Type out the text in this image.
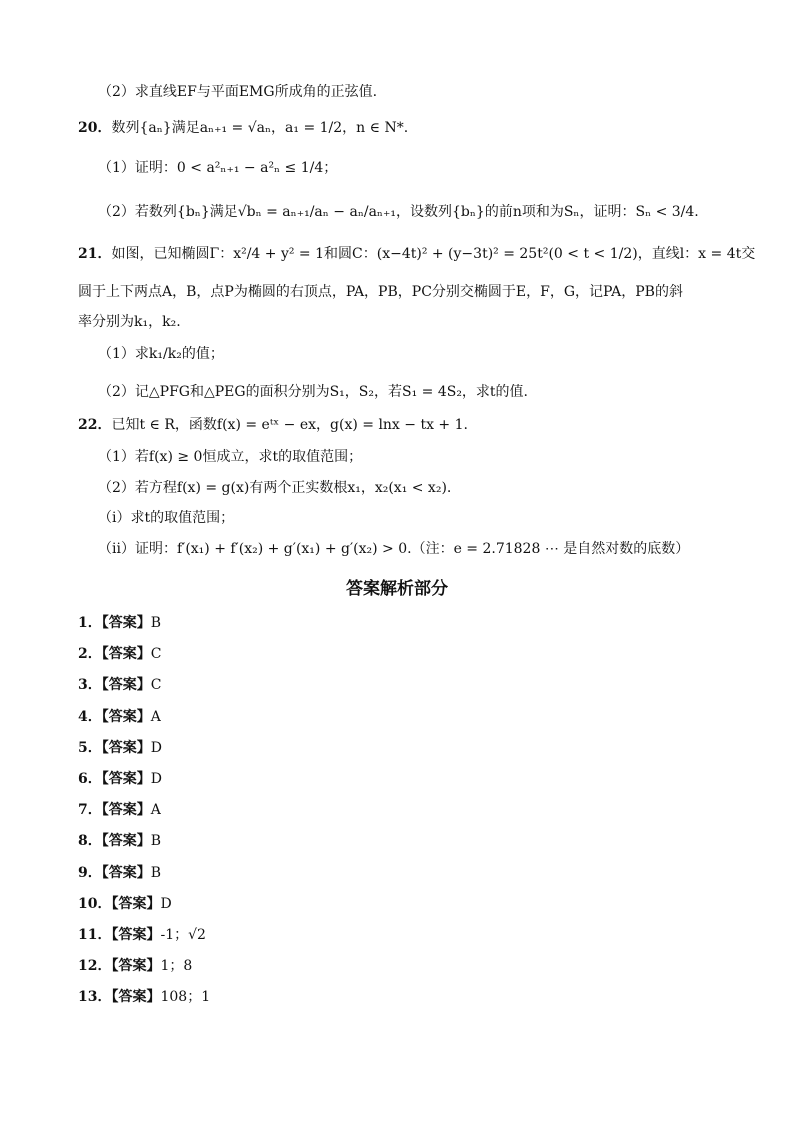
（2）求直线EF与平面EMG所成角的正弦值.
20．数列{aₙ}满足aₙ₊₁ = √aₙ，a₁ = 1/2，n ∈ N*.
（1）证明：0 < a²ₙ₊₁ − a²ₙ ≤ 1/4；
（2）若数列{bₙ}满足√bₙ = aₙ₊₁/aₙ − aₙ/aₙ₊₁，设数列{bₙ}的前n项和为Sₙ，证明：Sₙ < 3/4.
21．如图，已知椭圆Γ：x²/4 + y² = 1和圆C：(x−4t)² + (y−3t)² = 25t²(0 < t < 1/2)，直线l：x = 4t交
圆于上下两点A，B，点P为椭圆的右顶点，PA，PB，PC分别交椭圆于E，F，G，记PA，PB的斜
率分别为k₁，k₂.
（1）求k₁/k₂的值；
（2）记△PFG和△PEG的面积分别为S₁，S₂，若S₁ = 4S₂，求t的值.
22．已知t ∈ R，函数f(x) = eᵗˣ − ex，g(x) = lnx − tx + 1.
（1）若f(x) ≥ 0恒成立，求t的取值范围；
（2）若方程f(x) = g(x)有两个正实数根x₁，x₂(x₁ < x₂).
（i）求t的取值范围；
（ii）证明：f′(x₁) + f′(x₂) + g′(x₁) + g′(x₂) > 0.（注：e = 2.71828 ⋯ 是自然对数的底数）
答案解析部分
1．【答案】B
2．【答案】C
3．【答案】C
4．【答案】A
5．【答案】D
6．【答案】D
7．【答案】A
8．【答案】B
9．【答案】B
10．【答案】D
11．【答案】-1；√2
12．【答案】1；8
13．【答案】108；1
